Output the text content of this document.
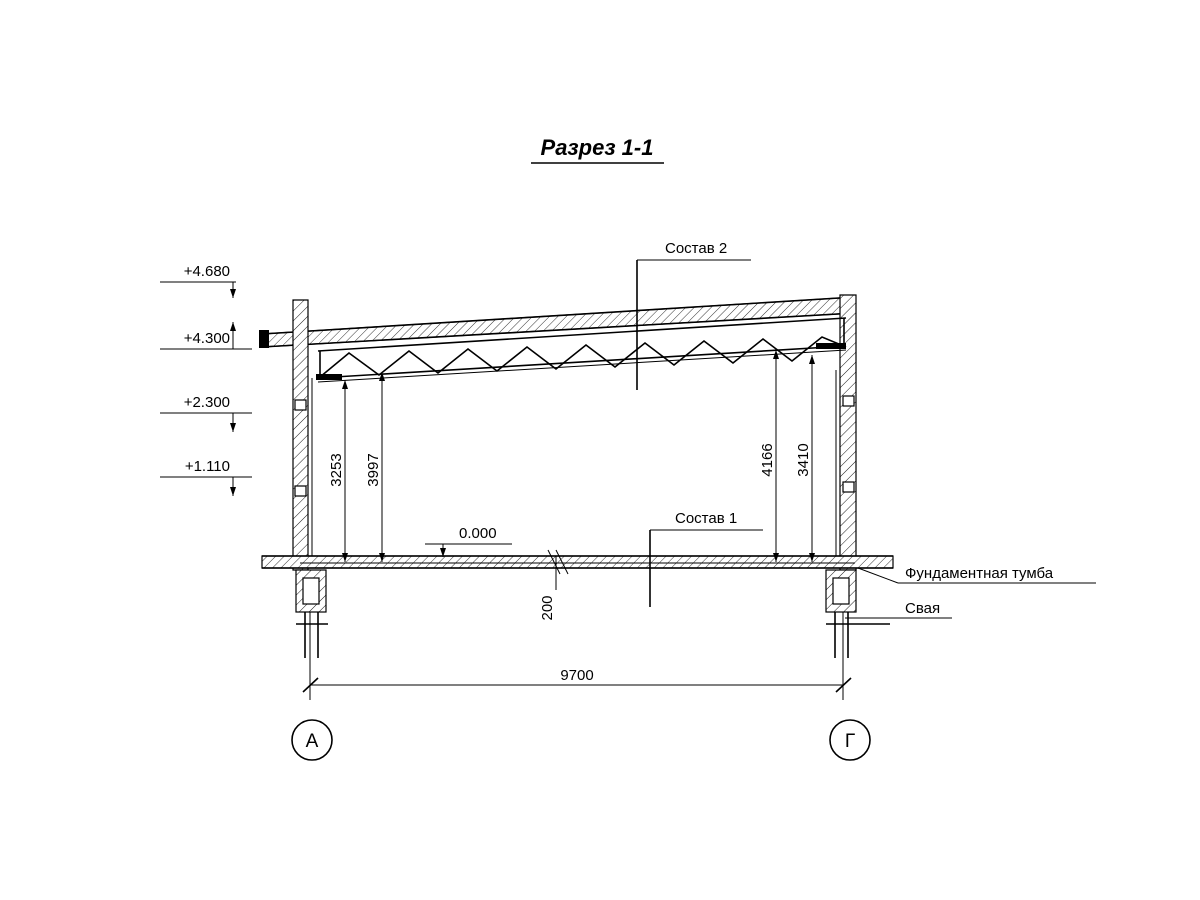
Разрез 1-1
+4.680
+4.300
+2.300
+1.110
0.000
3253 3997	4166 3410
200
Состав 2
Состав 1
Фундаментная тумба
Свая
9700
А	Г
